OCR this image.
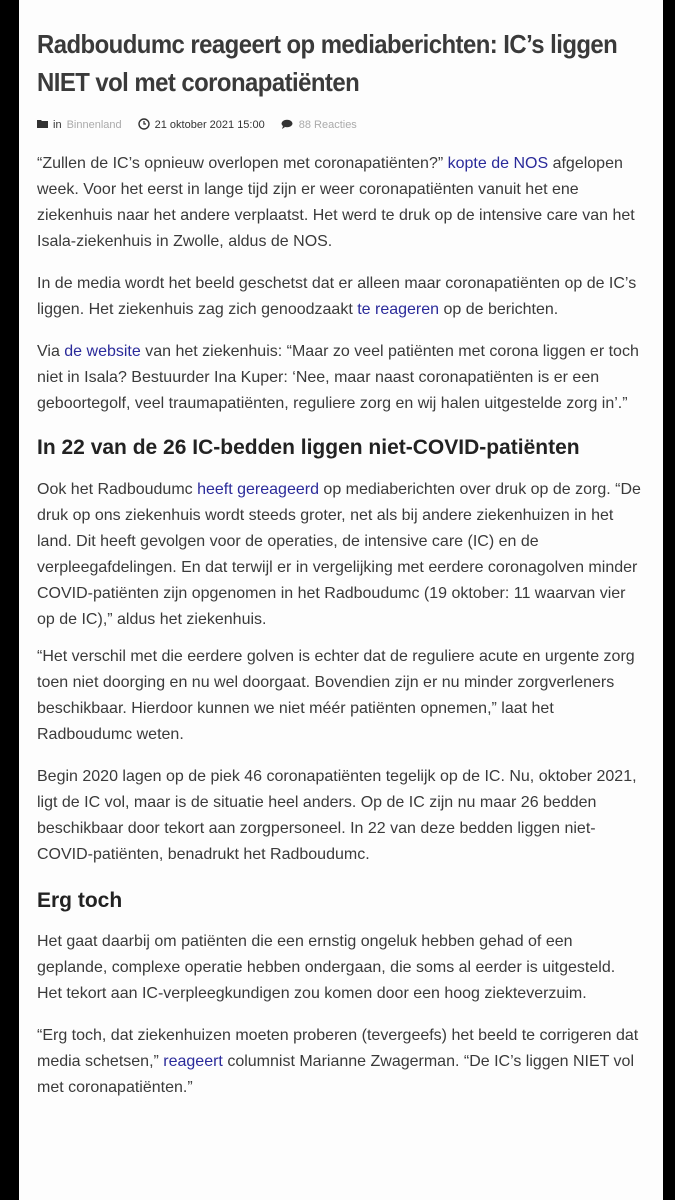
Radboudumc reageert op mediaberichten: IC’s liggen NIET vol met coronapatiënten
in Binnenland	21 oktober 2021 15:00	88 Reacties

“Zullen de IC’s opnieuw overlopen met coronapatiënten?” kopte de NOS afgelopen week. Voor het eerst in lange tijd zijn er weer coronapatiënten vanuit het ene ziekenhuis naar het andere verplaatst. Het werd te druk op de intensive care van het Isala-ziekenhuis in Zwolle, aldus de NOS.

In de media wordt het beeld geschetst dat er alleen maar coronapatiënten op de IC’s liggen. Het ziekenhuis zag zich genoodzaakt te reageren op de berichten.

Via de website van het ziekenhuis: “Maar zo veel patiënten met corona liggen er toch niet in Isala? Bestuurder Ina Kuper: ‘Nee, maar naast coronapatiënten is er een geboortegolf, veel traumapatiënten, reguliere zorg en wij halen uitgestelde zorg in’.”

In 22 van de 26 IC-bedden liggen niet-COVID-patiënten

Ook het Radboudumc heeft gereageerd op mediaberichten over druk op de zorg. “De druk op ons ziekenhuis wordt steeds groter, net als bij andere ziekenhuizen in het land. Dit heeft gevolgen voor de operaties, de intensive care (IC) en de verpleegafdelingen. En dat terwijl er in vergelijking met eerdere coronagolven minder COVID-patiënten zijn opgenomen in het Radboudumc (19 oktober: 11 waarvan vier op de IC),” aldus het ziekenhuis.

“Het verschil met die eerdere golven is echter dat de reguliere acute en urgente zorg toen niet doorging en nu wel doorgaat. Bovendien zijn er nu minder zorgverleners beschikbaar. Hierdoor kunnen we niet méér patiënten opnemen,” laat het Radboudumc weten.

Begin 2020 lagen op de piek 46 coronapatiënten tegelijk op de IC. Nu, oktober 2021, ligt de IC vol, maar is de situatie heel anders. Op de IC zijn nu maar 26 bedden beschikbaar door tekort aan zorgpersoneel. In 22 van deze bedden liggen niet-COVID-patiënten, benadrukt het Radboudumc.

Erg toch

Het gaat daarbij om patiënten die een ernstig ongeluk hebben gehad of een geplande, complexe operatie hebben ondergaan, die soms al eerder is uitgesteld. Het tekort aan IC-verpleegkundigen zou komen door een hoog ziekteverzuim.

“Erg toch, dat ziekenhuizen moeten proberen (tevergeefs) het beeld te corrigeren dat media schetsen,” reageert columnist Marianne Zwagerman. “De IC’s liggen NIET vol met coronapatiënten.”
